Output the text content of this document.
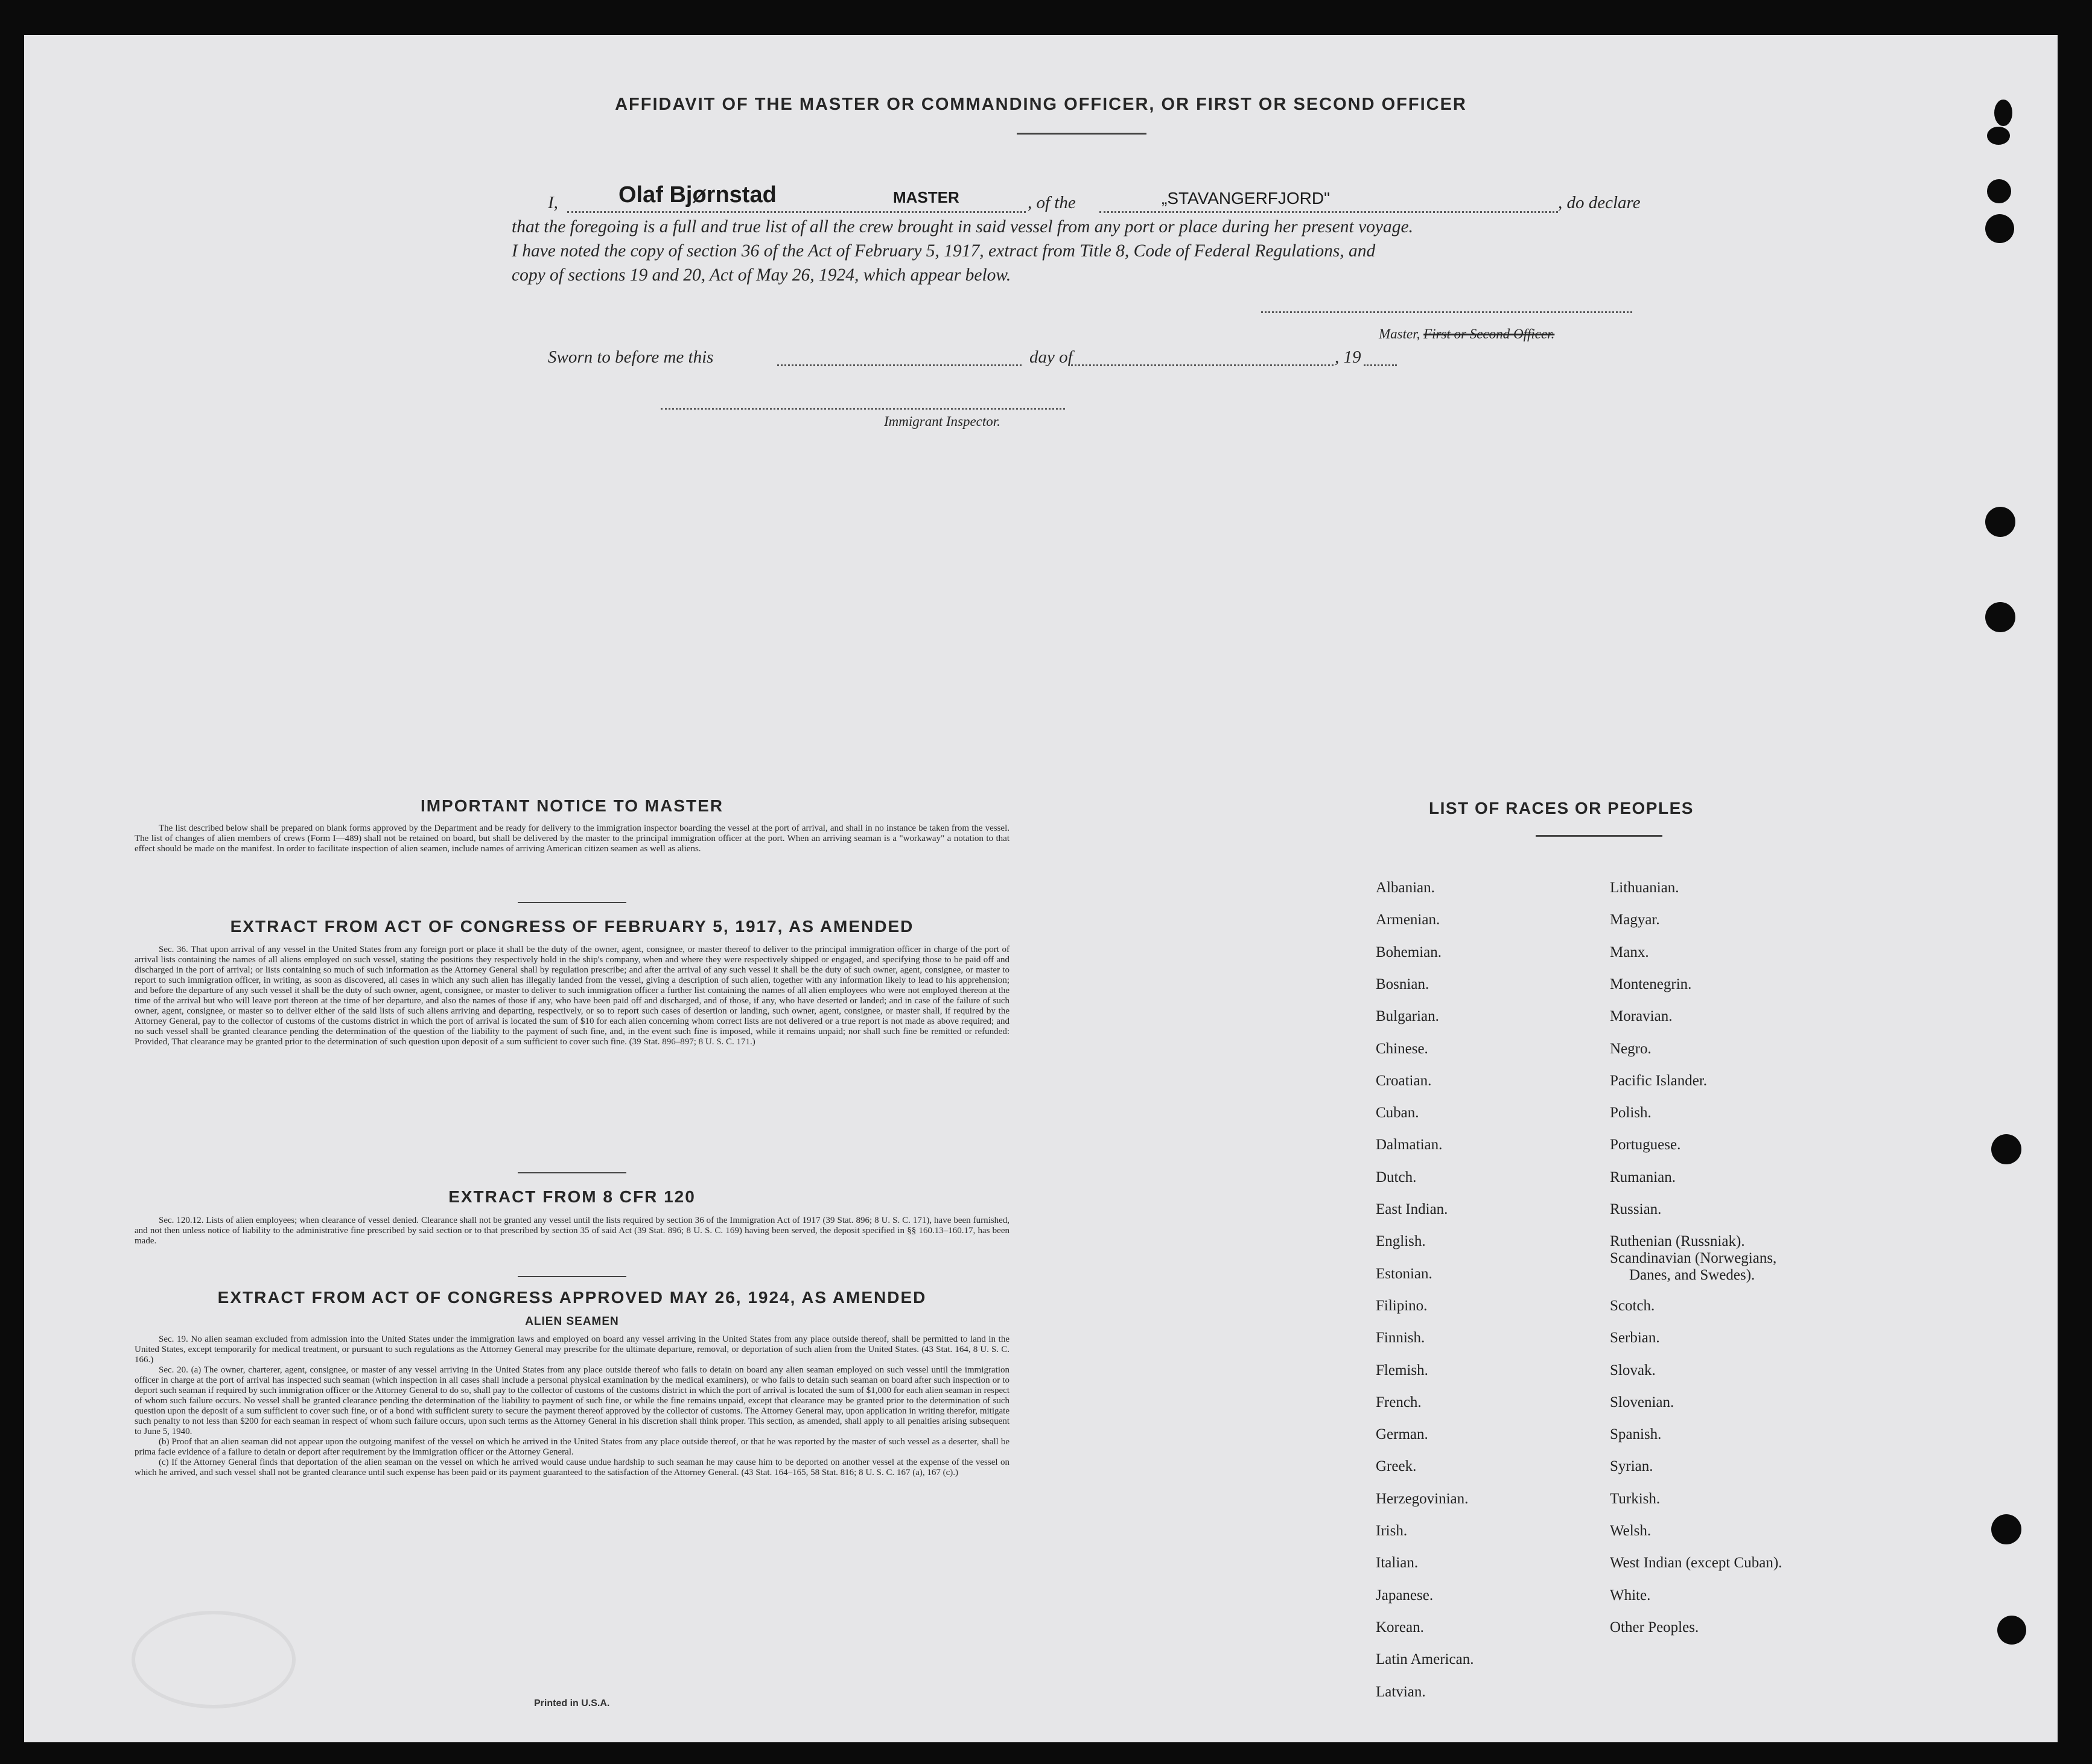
AFFIDAVIT OF THE MASTER OR COMMANDING OFFICER, OR FIRST OR SECOND OFFICER
I,	Olaf Bjørnstad	MASTER	, of the	„STAVANGERFJORD"	, do declare
that the foregoing is a full and true list of all the crew brought in said vessel from any port or place during her present voyage.
I have noted the copy of section 36 of the Act of February 5, 1917, extract from Title 8, Code of Federal Regulations, and
copy of sections 19 and 20, Act of May 26, 1924, which appear below.
Master, First or Second Officer.
Sworn to before me this	day of	, 19
Immigrant Inspector.
IMPORTANT NOTICE TO MASTER

The list described below shall be prepared on blank forms approved by the Department and be ready for delivery to the immigration inspector boarding the vessel at the port of arrival, and shall in no instance be taken from the vessel. The list of changes of alien members of crews (Form I—489) shall not be retained on board, but shall be delivered by the master to the principal immigration officer at the port. When an arriving seaman is a "workaway" a notation to that effect should be made on the manifest. In order to facilitate inspection of alien seamen, include names of arriving American citizen seamen as well as aliens.

EXTRACT FROM ACT OF CONGRESS OF FEBRUARY 5, 1917, AS AMENDED

Sec. 36. That upon arrival of any vessel in the United States from any foreign port or place it shall be the duty of the owner, agent, consignee, or master thereof to deliver to the principal immigration officer in charge of the port of arrival lists containing the names of all aliens employed on such vessel, stating the positions they respectively hold in the ship's company, when and where they were respectively shipped or engaged, and specifying those to be paid off and discharged in the port of arrival; or lists containing so much of such information as the Attorney General shall by regulation prescribe; and after the arrival of any such vessel it shall be the duty of such owner, agent, consignee, or master to report to such immigration officer, in writing, as soon as discovered, all cases in which any such alien has illegally landed from the vessel, giving a description of such alien, together with any information likely to lead to his apprehension; and before the departure of any such vessel it shall be the duty of such owner, agent, consignee, or master to deliver to such immigration officer a further list containing the names of all alien employees who were not employed thereon at the time of the arrival but who will leave port thereon at the time of her departure, and also the names of those if any, who have been paid off and discharged, and of those, if any, who have deserted or landed; and in case of the failure of such owner, agent, consignee, or master so to deliver either of the said lists of such aliens arriving and departing, respectively, or so to report such cases of desertion or landing, such owner, agent, consignee, or master shall, if required by the Attorney General, pay to the collector of customs of the customs district in which the port of arrival is located the sum of $10 for each alien concerning whom correct lists are not delivered or a true report is not made as above required; and no such vessel shall be granted clearance pending the determination of the question of the liability to the payment of such fine, and, in the event such fine is imposed, while it remains unpaid; nor shall such fine be remitted or refunded: Provided, That clearance may be granted prior to the determination of such question upon deposit of a sum sufficient to cover such fine. (39 Stat. 896–897; 8 U. S. C. 171.)

EXTRACT FROM 8 CFR 120

Sec. 120.12. Lists of alien employees; when clearance of vessel denied. Clearance shall not be granted any vessel until the lists required by section 36 of the Immigration Act of 1917 (39 Stat. 896; 8 U. S. C. 171), have been furnished, and not then unless notice of liability to the administrative fine prescribed by said section or to that prescribed by section 35 of said Act (39 Stat. 896; 8 U. S. C. 169) having been served, the deposit specified in §§ 160.13–160.17, has been made.

EXTRACT FROM ACT OF CONGRESS APPROVED MAY 26, 1924, AS AMENDED
ALIEN SEAMEN

Sec. 19. No alien seaman excluded from admission into the United States under the immigration laws and employed on board any vessel arriving in the United States from any place outside thereof, shall be permitted to land in the United States, except temporarily for medical treatment, or pursuant to such regulations as the Attorney General may prescribe for the ultimate departure, removal, or deportation of such alien from the United States. (43 Stat. 164, 8 U. S. C. 166.)

Sec. 20. (a) The owner, charterer, agent, consignee, or master of any vessel arriving in the United States from any place outside thereof who fails to detain on board any alien seaman employed on such vessel until the immigration officer in charge at the port of arrival has inspected such seaman (which inspection in all cases shall include a personal physical examination by the medical examiners), or who fails to detain such seaman on board after such inspection or to deport such seaman if required by such immigration officer or the Attorney General to do so, shall pay to the collector of customs of the customs district in which the port of arrival is located the sum of $1,000 for each alien seaman in respect of whom such failure occurs. No vessel shall be granted clearance pending the determination of the liability to payment of such fine, or while the fine remains unpaid, except that clearance may be granted prior to the determination of such question upon the deposit of a sum sufficient to cover such fine, or of a bond with sufficient surety to secure the payment thereof approved by the collector of customs. The Attorney General may, upon application in writing therefor, mitigate such penalty to not less than $200 for each seaman in respect of whom such failure occurs, upon such terms as the Attorney General in his discretion shall think proper. This section, as amended, shall apply to all penalties arising subsequent to June 5, 1940.

(b) Proof that an alien seaman did not appear upon the outgoing manifest of the vessel on which he arrived in the United States from any place outside thereof, or that he was reported by the master of such vessel as a deserter, shall be prima facie evidence of a failure to detain or deport after requirement by the immigration officer or the Attorney General.

(c) If the Attorney General finds that deportation of the alien seaman on the vessel on which he arrived would cause undue hardship to such seaman he may cause him to be deported on another vessel at the expense of the vessel on which he arrived, and such vessel shall not be granted clearance until such expense has been paid or its payment guaranteed to the satisfaction of the Attorney General. (43 Stat. 164–165, 58 Stat. 816; 8 U. S. C. 167 (a), 167 (c).)

Printed in U.S.A.
LIST OF RACES OR PEOPLES
Albanian.
Armenian.
Bohemian.
Bosnian.
Bulgarian.
Chinese.
Croatian.
Cuban.
Dalmatian.
Dutch.
East Indian.
English.
Estonian.
Filipino.
Finnish.
Flemish.
French.
German.
Greek.
Herzegovinian.
Irish.
Italian.
Japanese.
Korean.
Latin American.
Latvian.
Lithuanian.
Magyar.
Manx.
Montenegrin.
Moravian.
Negro.
Pacific Islander.
Polish.
Portuguese.
Rumanian.
Russian.
Ruthenian (Russniak).
Scandinavian (Norwegians,
Danes, and Swedes).
Scotch.
Serbian.
Slovak.
Slovenian.
Spanish.
Syrian.
Turkish.
Welsh.
West Indian (except Cuban).
White.
Other Peoples.
